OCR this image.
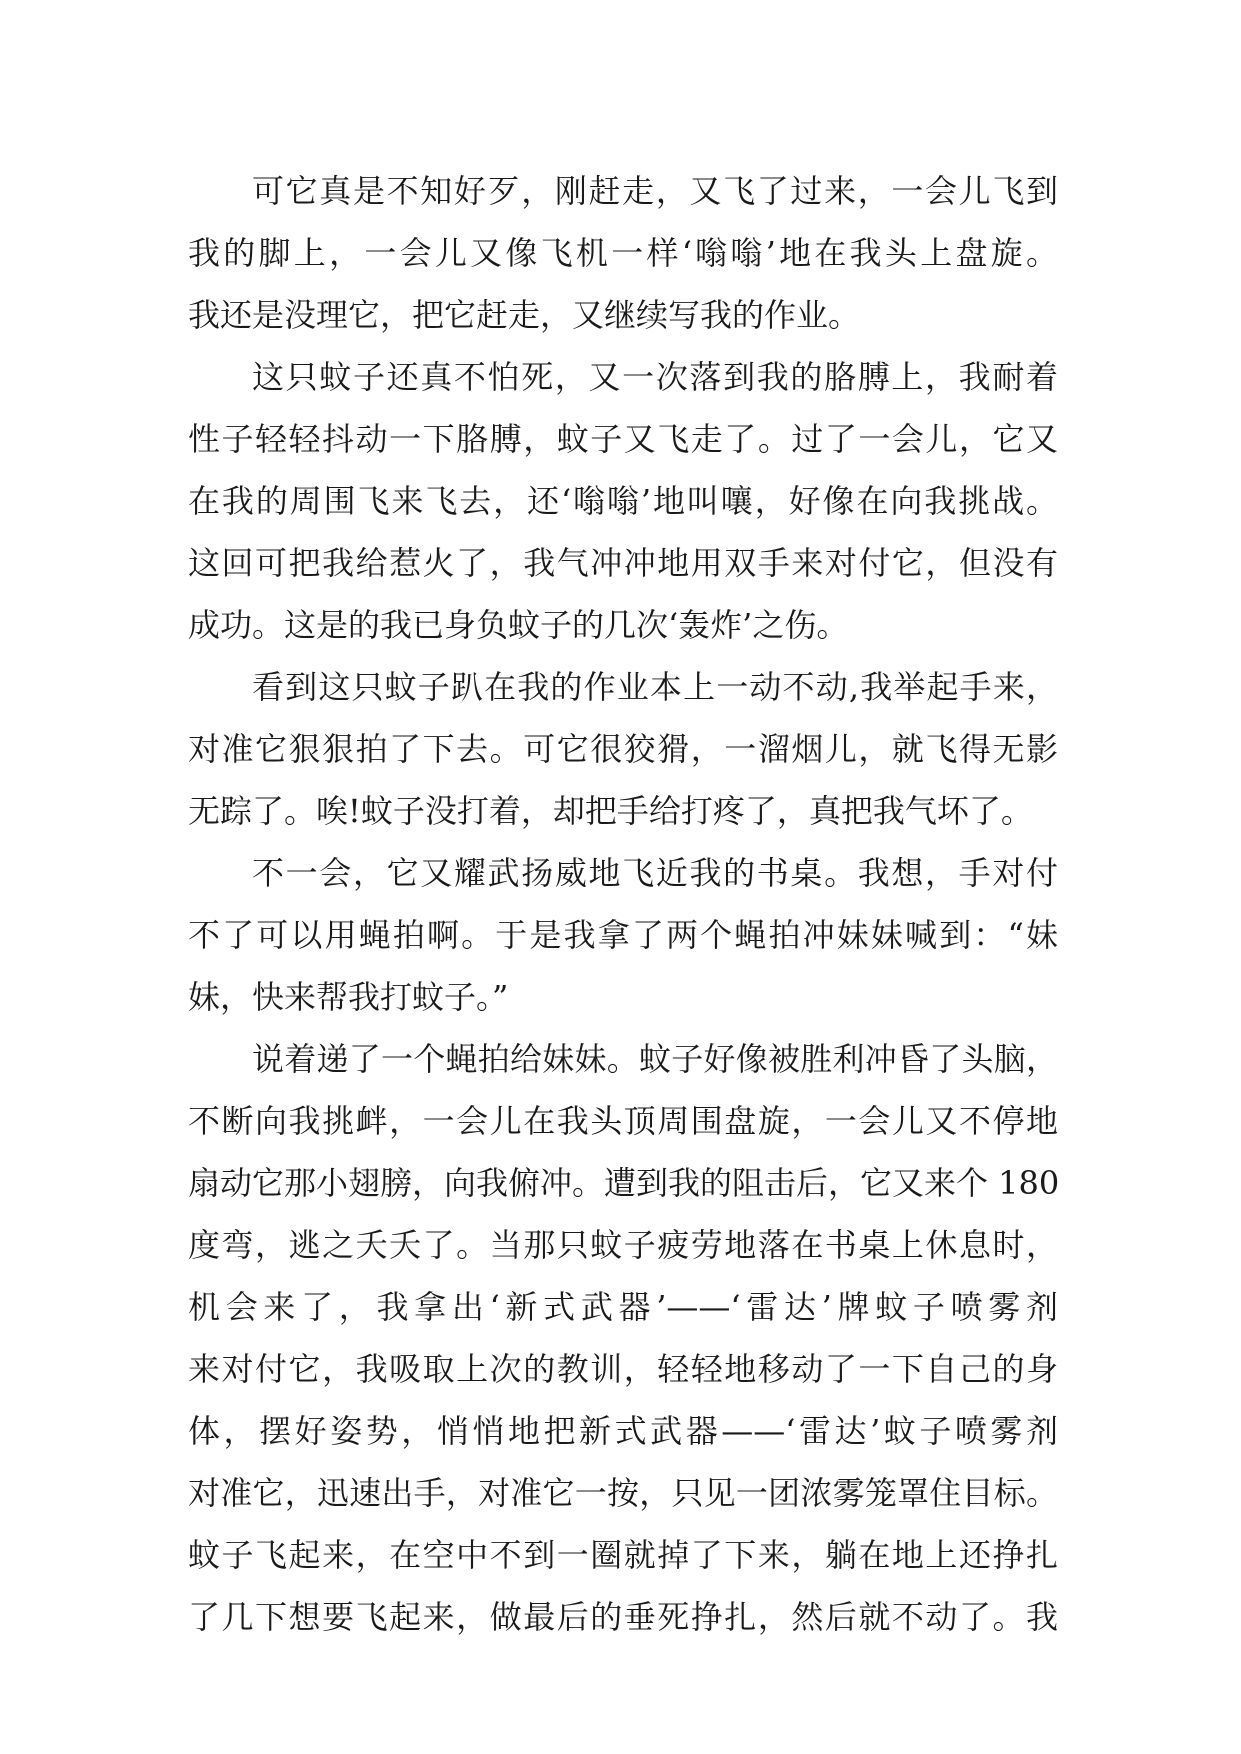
可它真是不知好歹，刚赶走，又飞了过来，一会儿飞到
我的脚上，一会儿又像飞机一样‘嗡嗡’地在我头上盘旋。
我还是没理它，把它赶走，又继续写我的作业。
这只蚊子还真不怕死，又一次落到我的胳膊上，我耐着
性子轻轻抖动一下胳膊，蚊子又飞走了。过了一会儿，它又
在我的周围飞来飞去，还‘嗡嗡’地叫嚷，好像在向我挑战。
这回可把我给惹火了，我气冲冲地用双手来对付它，但没有
成功。这是的我已身负蚊子的几次‘轰炸’之伤。
看到这只蚊子趴在我的作业本上一动不动,我举起手来，
对准它狠狠拍了下去。可它很狡猾，一溜烟儿，就飞得无影
无踪了。唉!蚊子没打着，却把手给打疼了，真把我气坏了。
不一会，它又耀武扬威地飞近我的书桌。我想，手对付
不了可以用蝇拍啊。于是我拿了两个蝇拍冲妹妹喊到：“妹
妹，快来帮我打蚊子。”
说着递了一个蝇拍给妹妹。蚊子好像被胜利冲昏了头脑，
不断向我挑衅，一会儿在我头顶周围盘旋，一会儿又不停地
扇动它那小翅膀，向我俯冲。遭到我的阻击后，它又来个 180
度弯，逃之夭夭了。当那只蚊子疲劳地落在书桌上休息时，
机会来了，我拿出‘新式武器’——‘雷达’牌蚊子喷雾剂
来对付它，我吸取上次的教训，轻轻地移动了一下自己的身
体，摆好姿势，悄悄地把新式武器——‘雷达’蚊子喷雾剂
对准它，迅速出手，对准它一按，只见一团浓雾笼罩住目标。
蚊子飞起来，在空中不到一圈就掉了下来，躺在地上还挣扎
了几下想要飞起来，做最后的垂死挣扎，然后就不动了。我
